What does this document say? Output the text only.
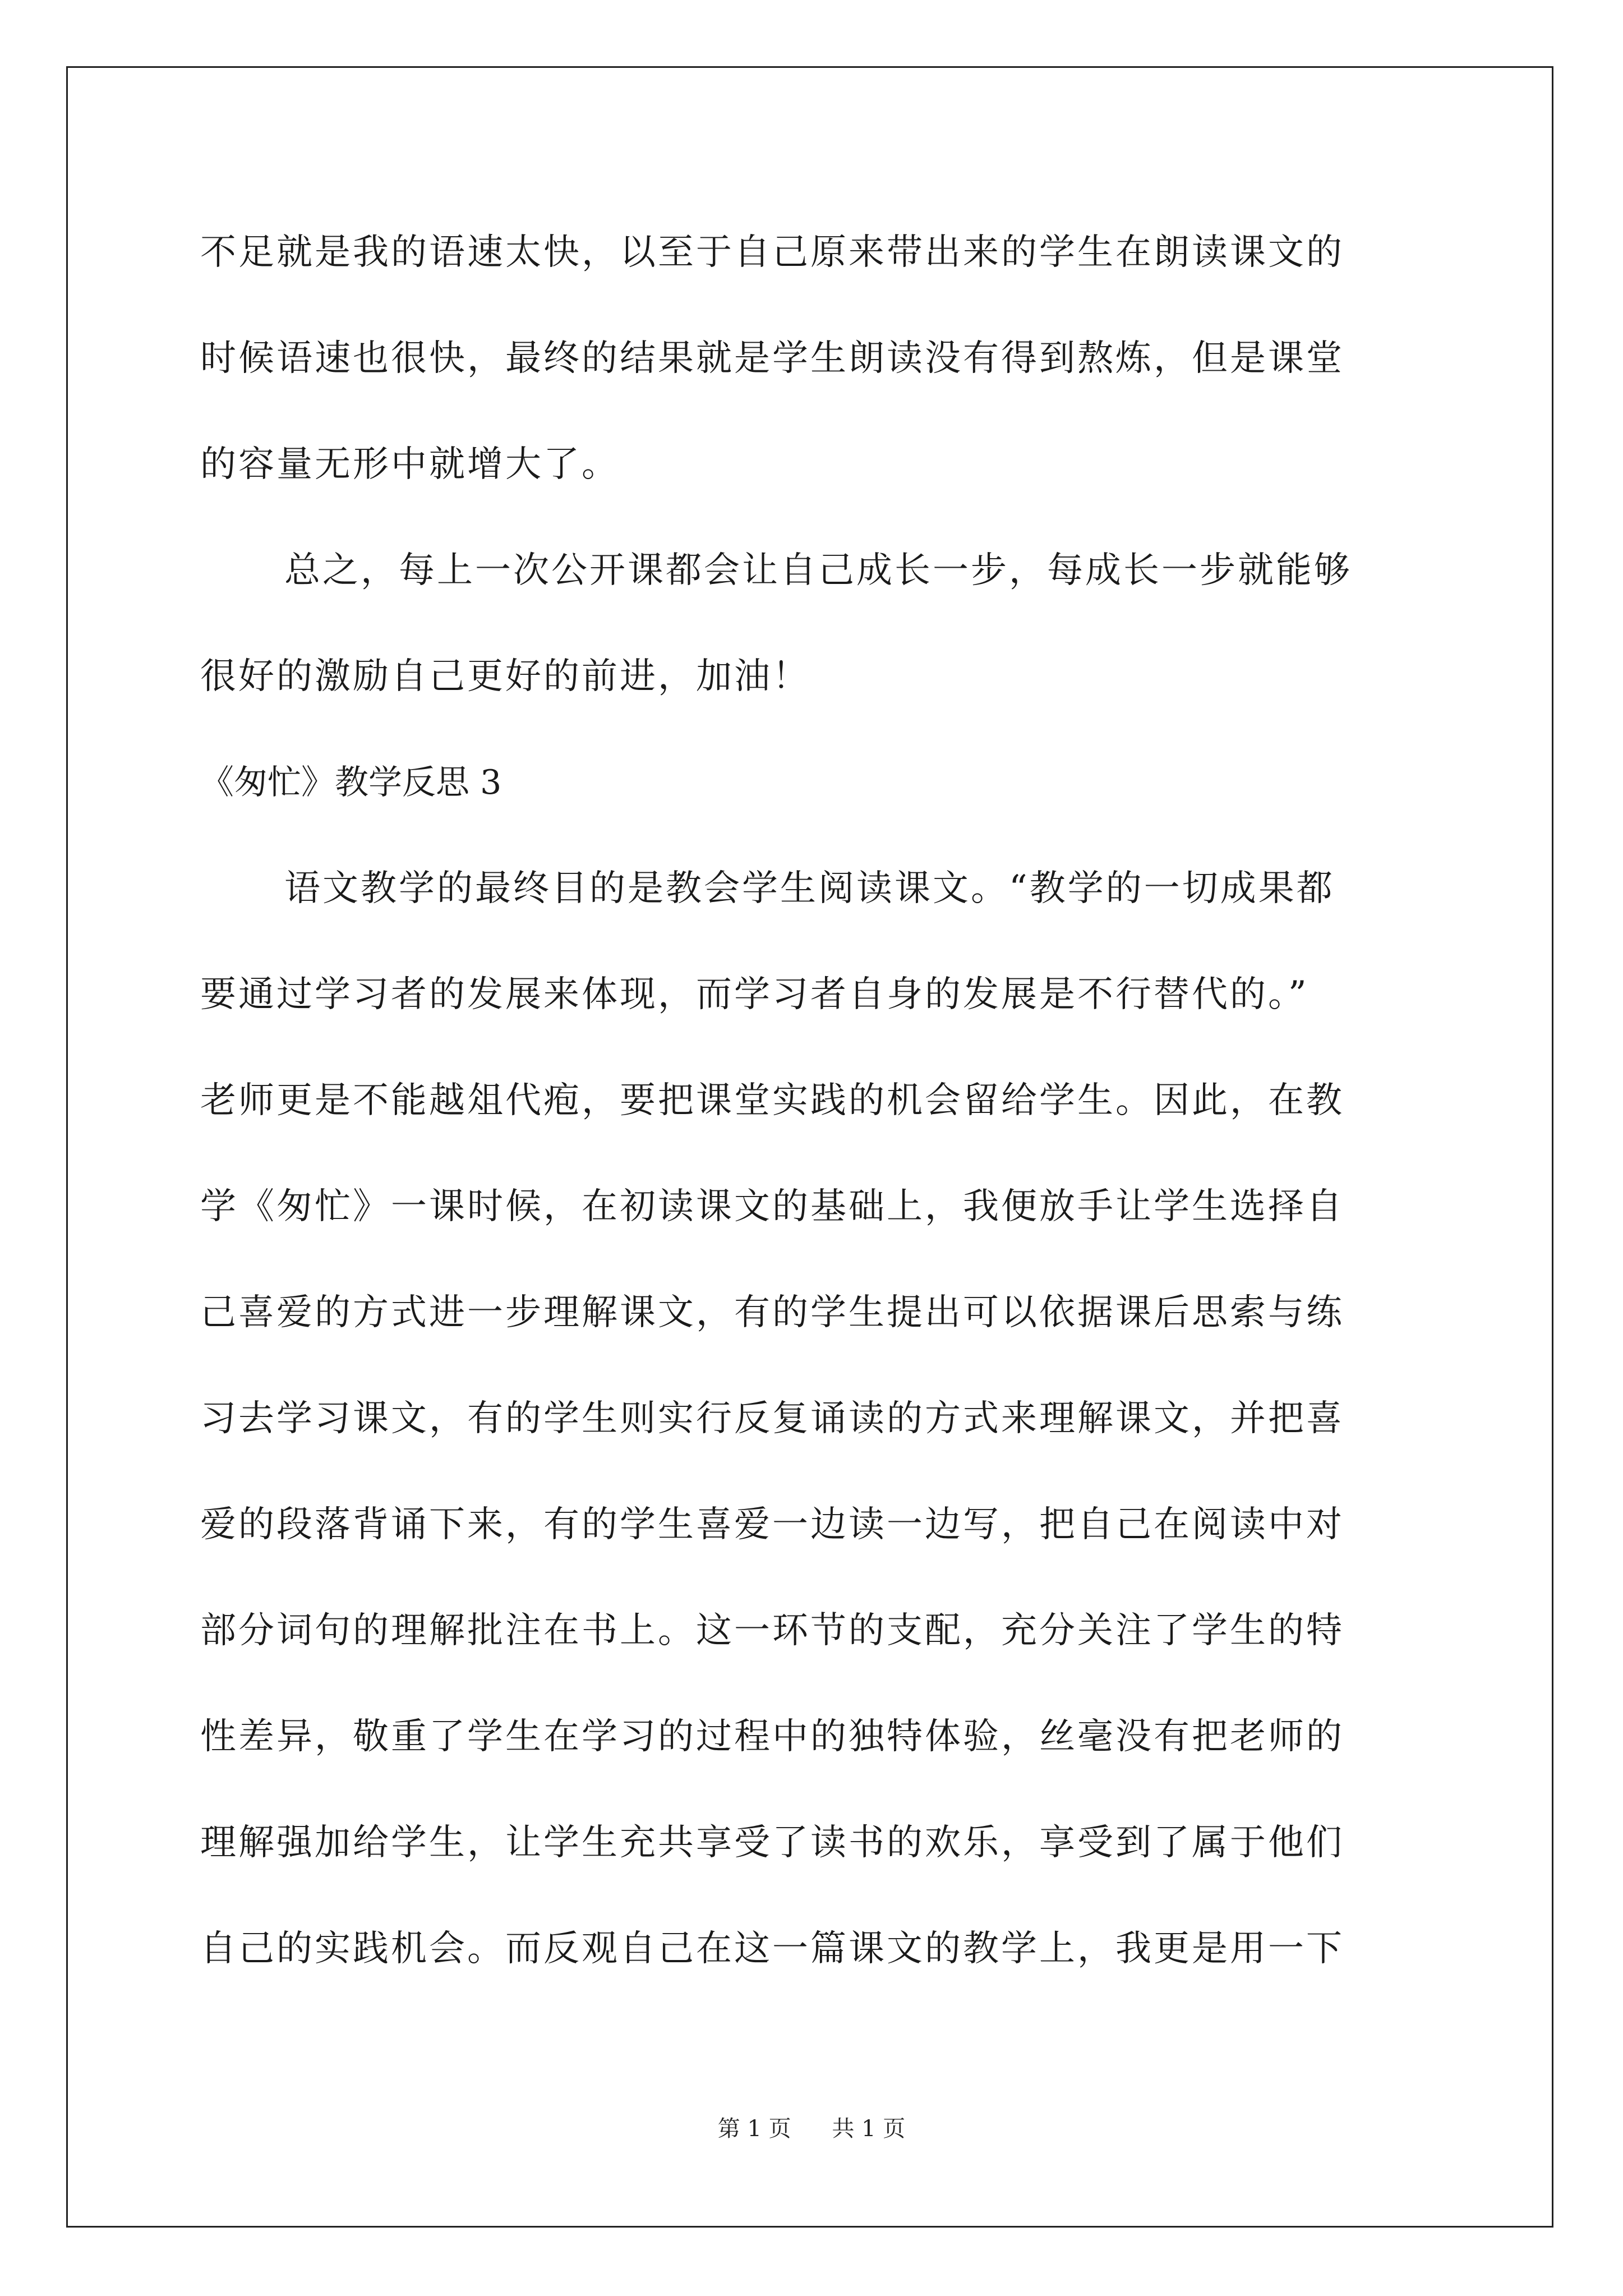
不足就是我的语速太快，以至于自己原来带出来的学生在朗读课文的
时候语速也很快，最终的结果就是学生朗读没有得到熬炼，但是课堂
的容量无形中就增大了。
总之，每上一次公开课都会让自己成长一步，每成长一步就能够
很好的激励自己更好的前进，加油！
《匆忙》教学反思 3
语文教学的最终目的是教会学生阅读课文。“教学的一切成果都
要通过学习者的发展来体现，而学习者自身的发展是不行替代的。”
老师更是不能越俎代疱，要把课堂实践的机会留给学生。因此，在教
学《匆忙》一课时候，在初读课文的基础上，我便放手让学生选择自
己喜爱的方式进一步理解课文，有的学生提出可以依据课后思索与练
习去学习课文，有的学生则实行反复诵读的方式来理解课文，并把喜
爱的段落背诵下来，有的学生喜爱一边读一边写，把自己在阅读中对
部分词句的理解批注在书上。这一环节的支配，充分关注了学生的特
性差异，敬重了学生在学习的过程中的独特体验，丝毫没有把老师的
理解强加给学生，让学生充共享受了读书的欢乐，享受到了属于他们
自己的实践机会。而反观自己在这一篇课文的教学上，我更是用一下
第 1 页 共 1 页
